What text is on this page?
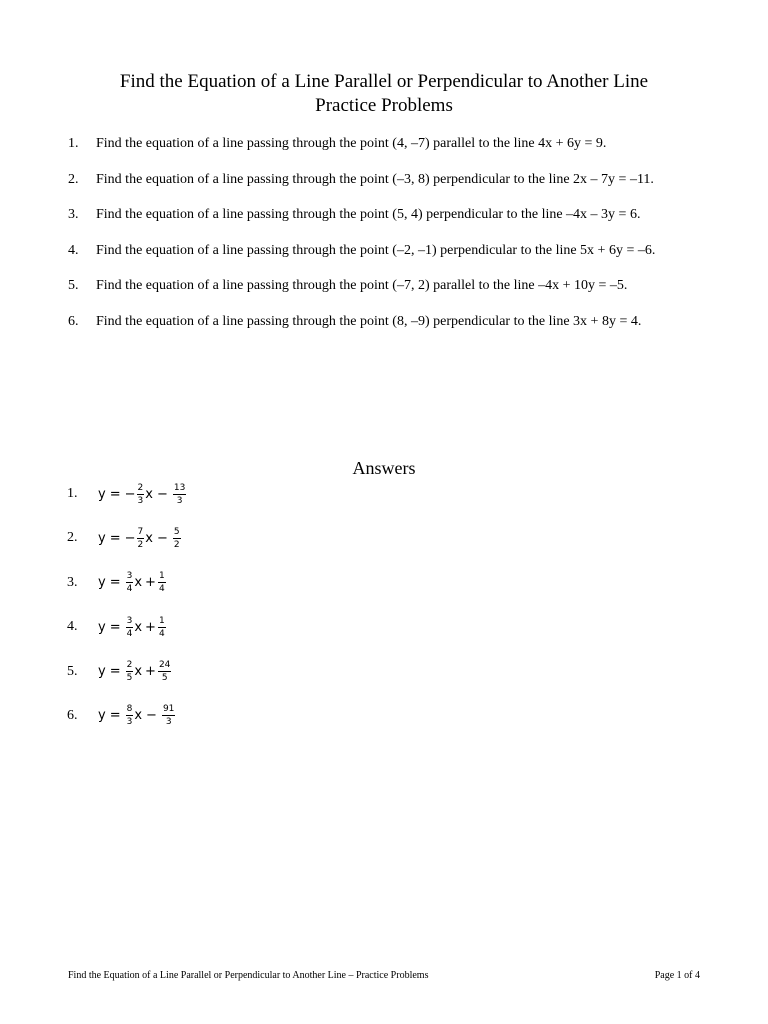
Find the Equation of a Line Parallel or Perpendicular to Another Line
Practice Problems
1. Find the equation of a line passing through the point (4, –7) parallel to the line 4x + 6y = 9.
2. Find the equation of a line passing through the point (–3, 8) perpendicular to the line 2x – 7y = –11.
3. Find the equation of a line passing through the point (5, 4) perpendicular to the line –4x – 3y = 6.
4. Find the equation of a line passing through the point (–2, –1) perpendicular to the line 5x + 6y = –6.
5. Find the equation of a line passing through the point (–7, 2) parallel to the line –4x + 10y = –5.
6. Find the equation of a line passing through the point (8, –9) perpendicular to the line 3x + 8y = 4.
Answers
1. y = − $\frac{2}{3}$ $x - \frac{13}{3}$
2. y = − $\frac{7}{2}$ $x - \frac{5}{2}$
3. $y = \frac{3}{4}$ $x + \frac{1}{4}$
4. $y = \frac{3}{4}$ $x + \frac{1}{4}$
5. $y = \frac{2}{5}$ $x + \frac{24}{5}$
6. $y = \frac{8}{3}$ $x - \frac{91}{3}$
Find the Equation of a Line Parallel or Perpendicular to Another Line – Practice Problems	Page 1 of 4
